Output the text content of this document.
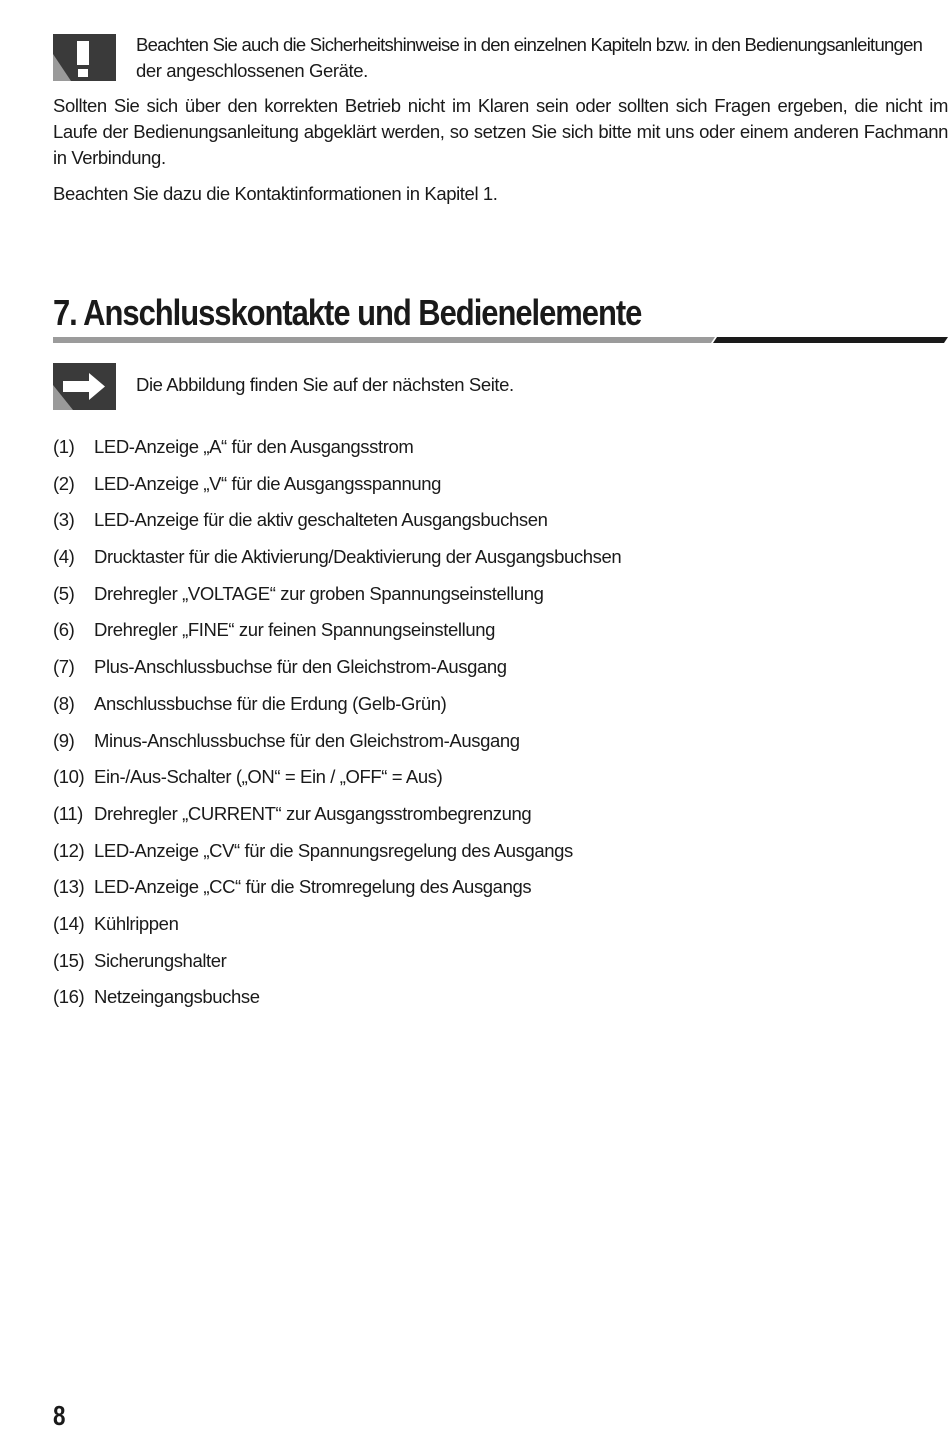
Beachten Sie auch die Sicherheitshinweise in den einzelnen Kapiteln bzw. in den Bedienungsanleitungen
der angeschlossenen Geräte.

Sollten Sie sich über den korrekten Betrieb nicht im Klaren sein oder sollten sich Fragen ergeben, die nicht im Laufe der Bedienungsanleitung abgeklärt werden, so setzen Sie sich bitte mit uns oder einem anderen Fachmann in Verbindung.

Beachten Sie dazu die Kontaktinformationen in Kapitel 1.

7. Anschlusskontakte und Bedienelemente
Die Abbildung finden Sie auf der nächsten Seite.
(1) LED-Anzeige „A“ für den Ausgangsstrom
(2) LED-Anzeige „V“ für die Ausgangsspannung
(3) LED-Anzeige für die aktiv geschalteten Ausgangsbuchsen
(4) Drucktaster für die Aktivierung/Deaktivierung der Ausgangsbuchsen
(5) Drehregler „VOLTAGE“ zur groben Spannungseinstellung
(6) Drehregler „FINE“ zur feinen Spannungseinstellung
(7) Plus-Anschlussbuchse für den Gleichstrom-Ausgang
(8) Anschlussbuchse für die Erdung (Gelb-Grün)
(9) Minus-Anschlussbuchse für den Gleichstrom-Ausgang
(10) Ein-/Aus-Schalter („ON“ = Ein / „OFF“ = Aus)
(11) Drehregler „CURRENT“ zur Ausgangsstrombegrenzung
(12) LED-Anzeige „CV“ für die Spannungsregelung des Ausgangs
(13) LED-Anzeige „CC“ für die Stromregelung des Ausgangs
(14) Kühlrippen
(15) Sicherungshalter
(16) Netzeingangsbuchse
8
